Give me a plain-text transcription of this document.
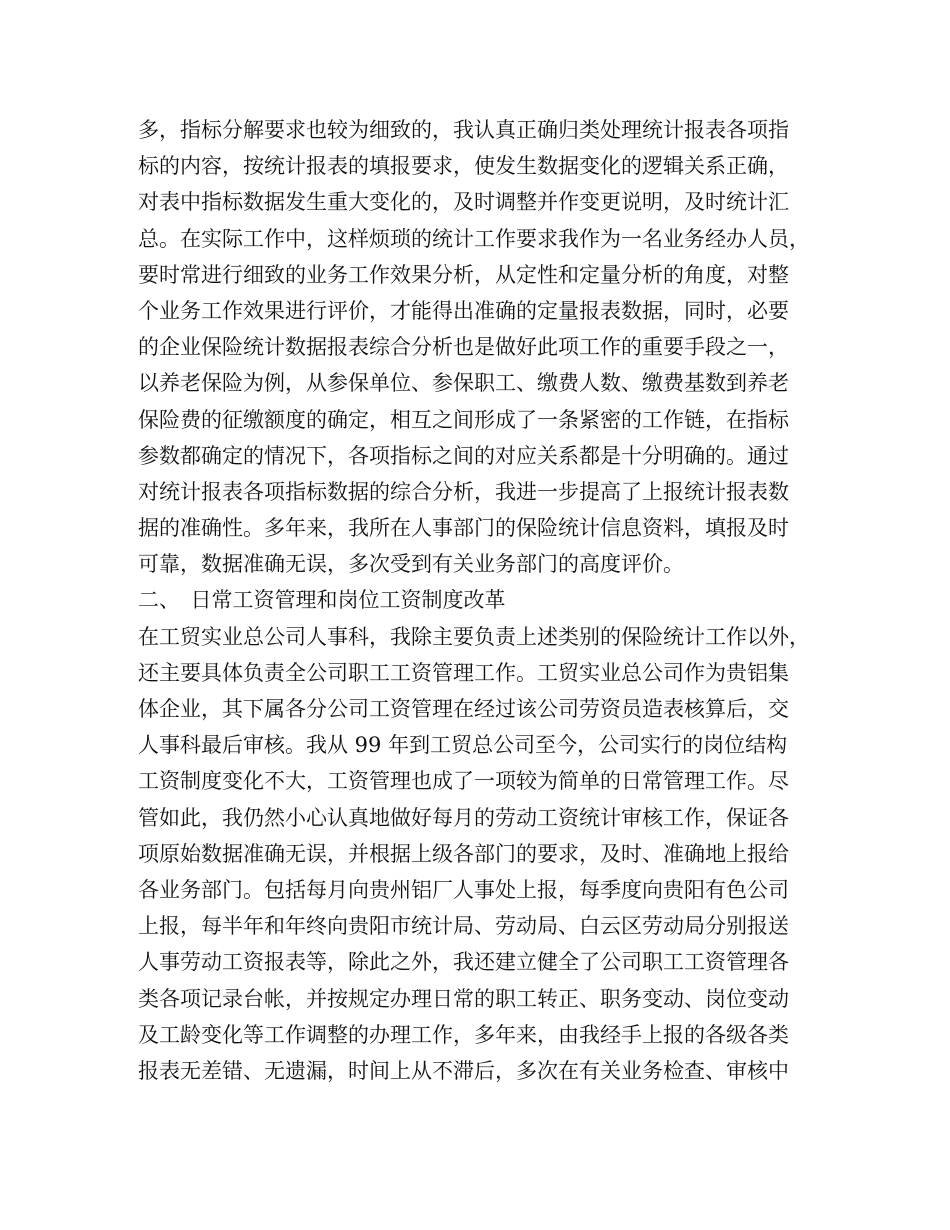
多，指标分解要求也较为细致的，我认真正确归类处理统计报表各项指

标的内容，按统计报表的填报要求，使发生数据变化的逻辑关系正确，

对表中指标数据发生重大变化的，及时调整并作变更说明，及时统计汇

总。在实际工作中，这样烦琐的统计工作要求我作为一名业务经办人员，

要时常进行细致的业务工作效果分析，从定性和定量分析的角度，对整

个业务工作效果进行评价，才能得出准确的定量报表数据，同时，必要

的企业保险统计数据报表综合分析也是做好此项工作的重要手段之一，

以养老保险为例，从参保单位、参保职工、缴费人数、缴费基数到养老

保险费的征缴额度的确定，相互之间形成了一条紧密的工作链，在指标

参数都确定的情况下，各项指标之间的对应关系都是十分明确的。通过

对统计报表各项指标数据的综合分析，我进一步提高了上报统计报表数

据的准确性。多年来，我所在人事部门的保险统计信息资料，填报及时

可靠，数据准确无误，多次受到有关业务部门的高度评价。

二、　日常工资管理和岗位工资制度改革

在工贸实业总公司人事科，我除主要负责上述类别的保险统计工作以外，

还主要具体负责全公司职工工资管理工作。工贸实业总公司作为贵铝集

体企业，其下属各分公司工资管理在经过该公司劳资员造表核算后，交

人事科最后审核。我从 99 年到工贸总公司至今，公司实行的岗位结构

工资制度变化不大，工资管理也成了一项较为简单的日常管理工作。尽

管如此，我仍然小心认真地做好每月的劳动工资统计审核工作，保证各

项原始数据准确无误，并根据上级各部门的要求，及时、准确地上报给

各业务部门。包括每月向贵州铝厂人事处上报，每季度向贵阳有色公司

上报，每半年和年终向贵阳市统计局、劳动局、白云区劳动局分别报送

人事劳动工资报表等，除此之外，我还建立健全了公司职工工资管理各

类各项记录台帐，并按规定办理日常的职工转正、职务变动、岗位变动

及工龄变化等工作调整的办理工作，多年来，由我经手上报的各级各类

报表无差错、无遗漏，时间上从不滞后，多次在有关业务检查、审核中
